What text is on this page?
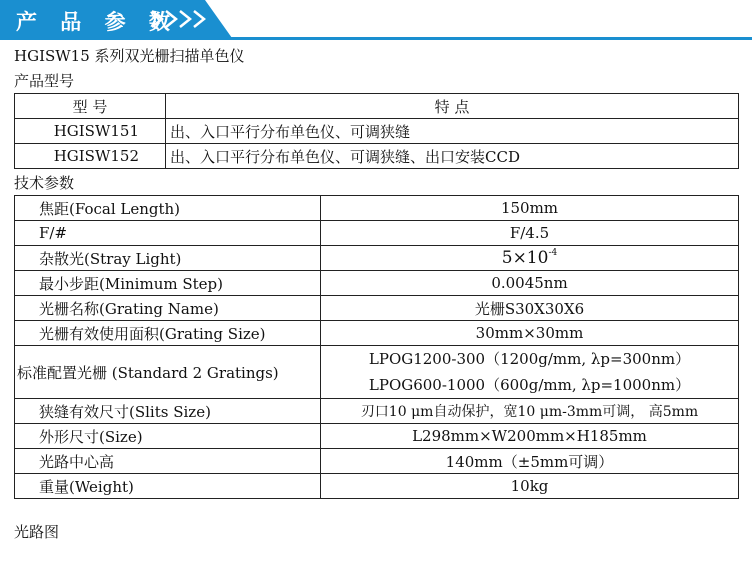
产 品 参 数
HGISW15 系列双光栅扫描单色仪
产品型号
型 号	特 点
HGISW151	出、入口平行分布单色仪、可调狭缝
HGISW152	出、入口平行分布单色仪、可调狭缝、出口安装CCD
技术参数
焦距(Focal Length)	150mm
F/#	F/4.5
杂散光(Stray Light)	$5\times 10^{-4}$
最小步距(Minimum Step)	0.0045nm
光栅名称(Grating Name)	光栅S30X30X6
光栅有效使用面积(Grating Size)	30mm×30mm
标准配置光栅 (Standard 2 Gratings)	LPOG1200-300（1200g/mm, λp=300nm）
LPOG600-1000（600g/mm, λp=1000nm）

狭缝有效尺寸(Slits Size)	刃口10 μm自动保护，宽10 μm-3mm可调， 高5mm
外形尺寸(Size)	L298mm×W200mm×H185mm
光路中心高	140mm（±5mm可调）
重量(Weight)	10kg
光路图
